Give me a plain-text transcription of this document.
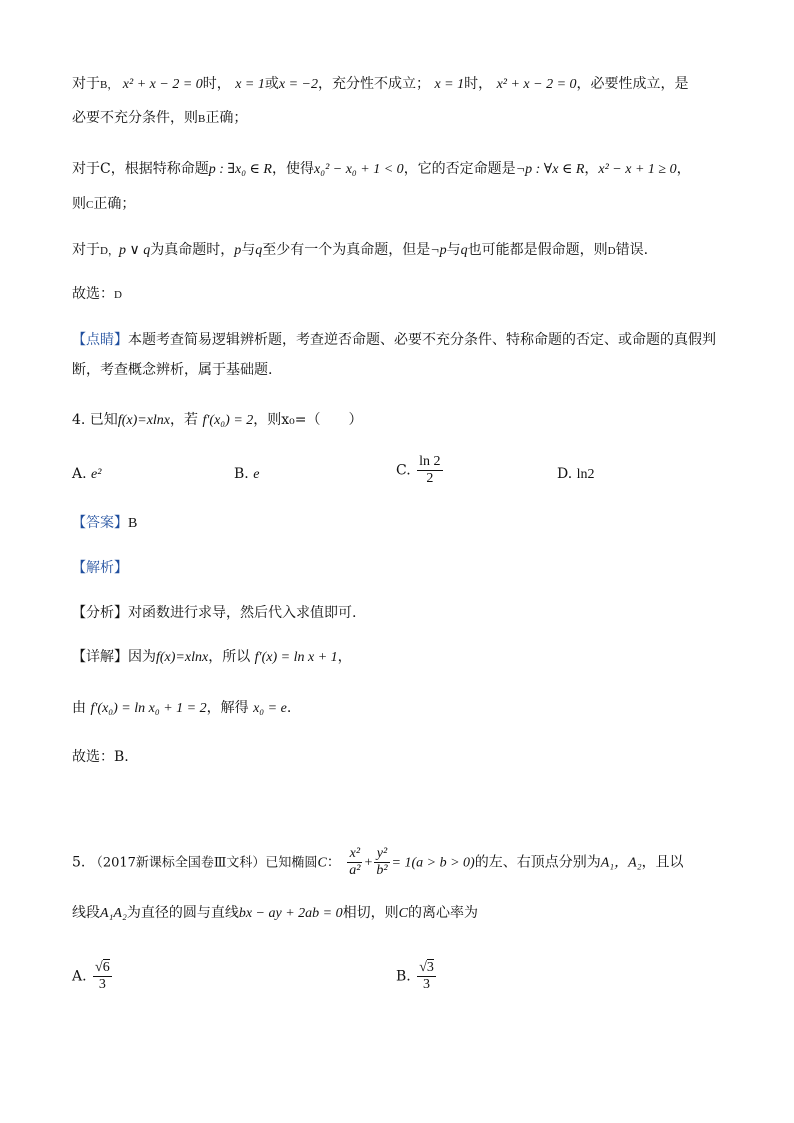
对于B， x² + x − 2 = 0时， x = 1或x = −2，充分性不成立； x = 1时， x² + x − 2 = 0，必要性成立，是
必要不充分条件，则B正确；
对于C，根据特称命题p : ∃x₀ ∈ R，使得x₀² − x₀ + 1 < 0，它的否定命题是¬p : ∀x ∈ R，x² − x + 1 ≥ 0，
则C正确；
对于D，p ∨ q为真命题时，p与q至少有一个为真命题，但是¬p与q也可能都是假命题，则D错误.
故选：D
【点睛】本题考查简易逻辑辨析题，考查逆否命题、必要不充分条件、特称命题的否定、或命题的真假判
断，考查概念辨析，属于基础题.
4. 已知f(x)=xlnx，若 f′(x₀) = 2，则x₀=（　　）
A. e²	B. e	C. $\frac{\ln 2}{2}$	D. ln2
【答案】B
【解析】
【分析】对函数进行求导，然后代入求值即可.
【详解】因为f(x)=xlnx，所以 f′(x) = ln x + 1，
由 f′(x₀) = ln x₀ + 1 = 2，解得 x₀ = e.
故选：B.
5. （2017新课标全国卷Ⅲ文科）已知椭圆C： $\frac{\text{x²}}{\text{a²}} + \frac{\text{y²}}{\text{b²}} = 1(a > b > 0)$的左、右顶点分别为A₁，A₂，且以
线段A₁A₂为直径的圆与直线bx − ay + 2ab = 0相切，则C的离心率为
A. $\frac{√6}{3}$	B. $\frac{√3}{3}$
